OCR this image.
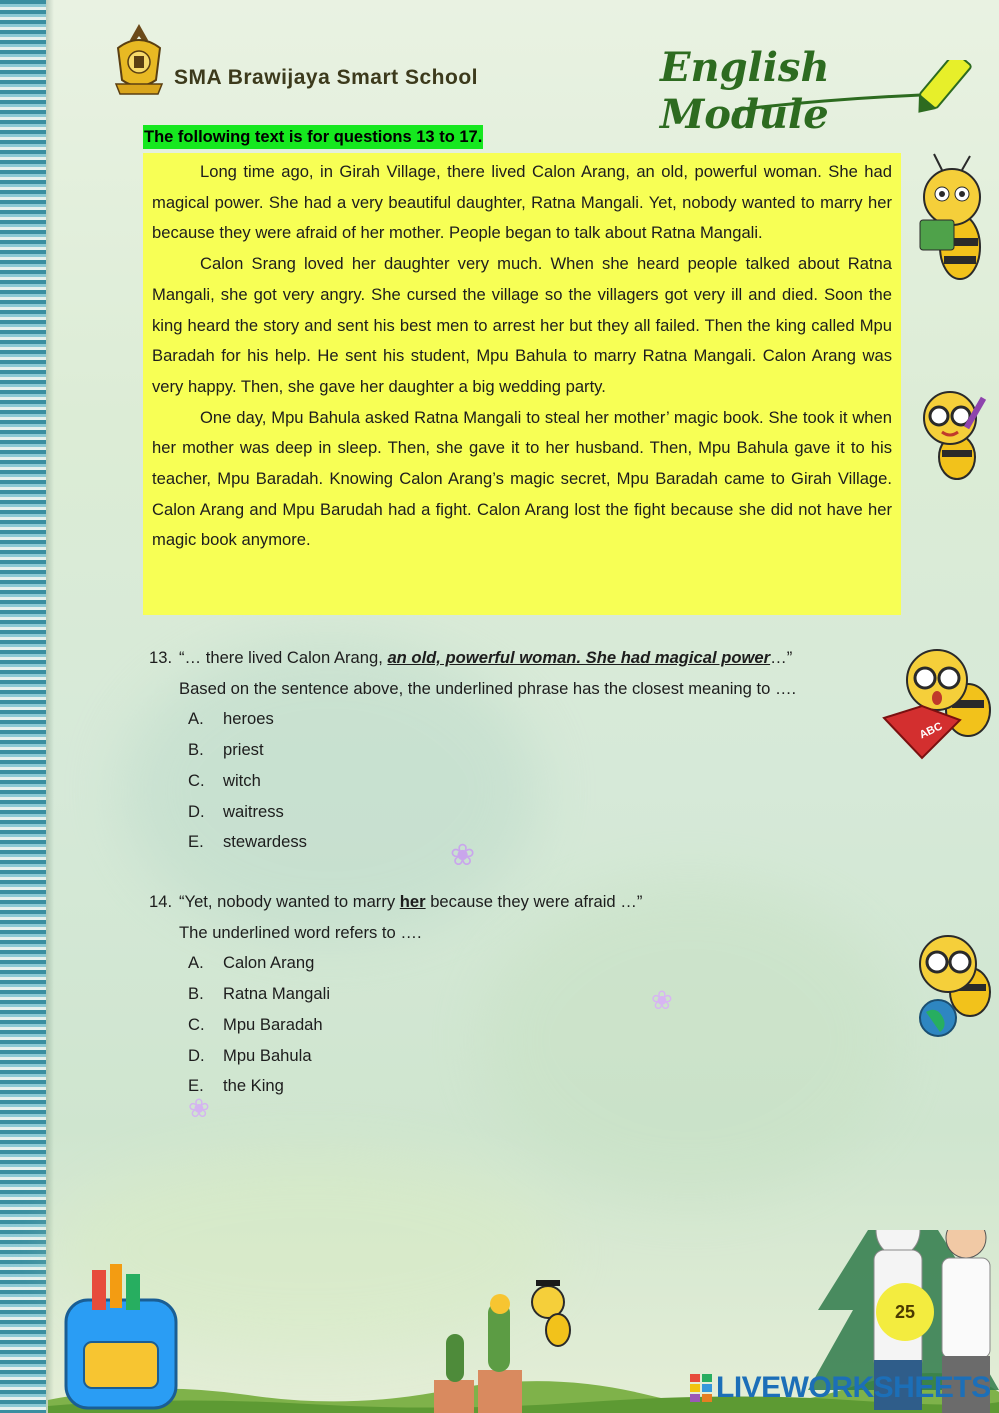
SMA Brawijaya Smart School	English Module
The following text is for questions 13 to 17.

Long time ago, in Girah Village, there lived Calon Arang, an old, powerful woman. She had magical power. She had a very beautiful daughter, Ratna Mangali. Yet, nobody wanted to marry her because they were afraid of her mother. People began to talk about Ratna Mangali.

Calon Srang loved her daughter very much. When she heard people talked about Ratna Mangali, she got very angry. She cursed the village so the villagers got very ill and died. Soon the king heard the story and sent his best men to arrest her but they all failed. Then the king called Mpu Baradah for his help. He sent his student, Mpu Bahula to marry Ratna Mangali. Calon Arang was very happy. Then, she gave her daughter a big wedding party.

One day, Mpu Bahula asked Ratna Mangali to steal her mother’ magic book. She took it when her mother was deep in sleep. Then, she gave it to her husband. Then, Mpu Bahula gave it to his teacher, Mpu Baradah. Knowing Calon Arang’s magic secret, Mpu Baradah came to Girah Village. Calon Arang and Mpu Barudah had a fight. Calon Arang lost the fight because she did not have her magic book anymore.

13. “… there lived Calon Arang, an old, powerful woman. She had magical power…”
Based on the sentence above, the underlined phrase has the closest meaning to ….
A. heroes
B. priest
C. witch
D. waitress
E. stewardess
14. “Yet, nobody wanted to marry her because they were afraid …”
The underlined word refers to ….
A. Calon Arang
B. Ratna Mangali
C. Mpu Baradah
D. Mpu Bahula
E. the King
ABC
❀
❀
❀
25
LIVEWORKSHEETS
